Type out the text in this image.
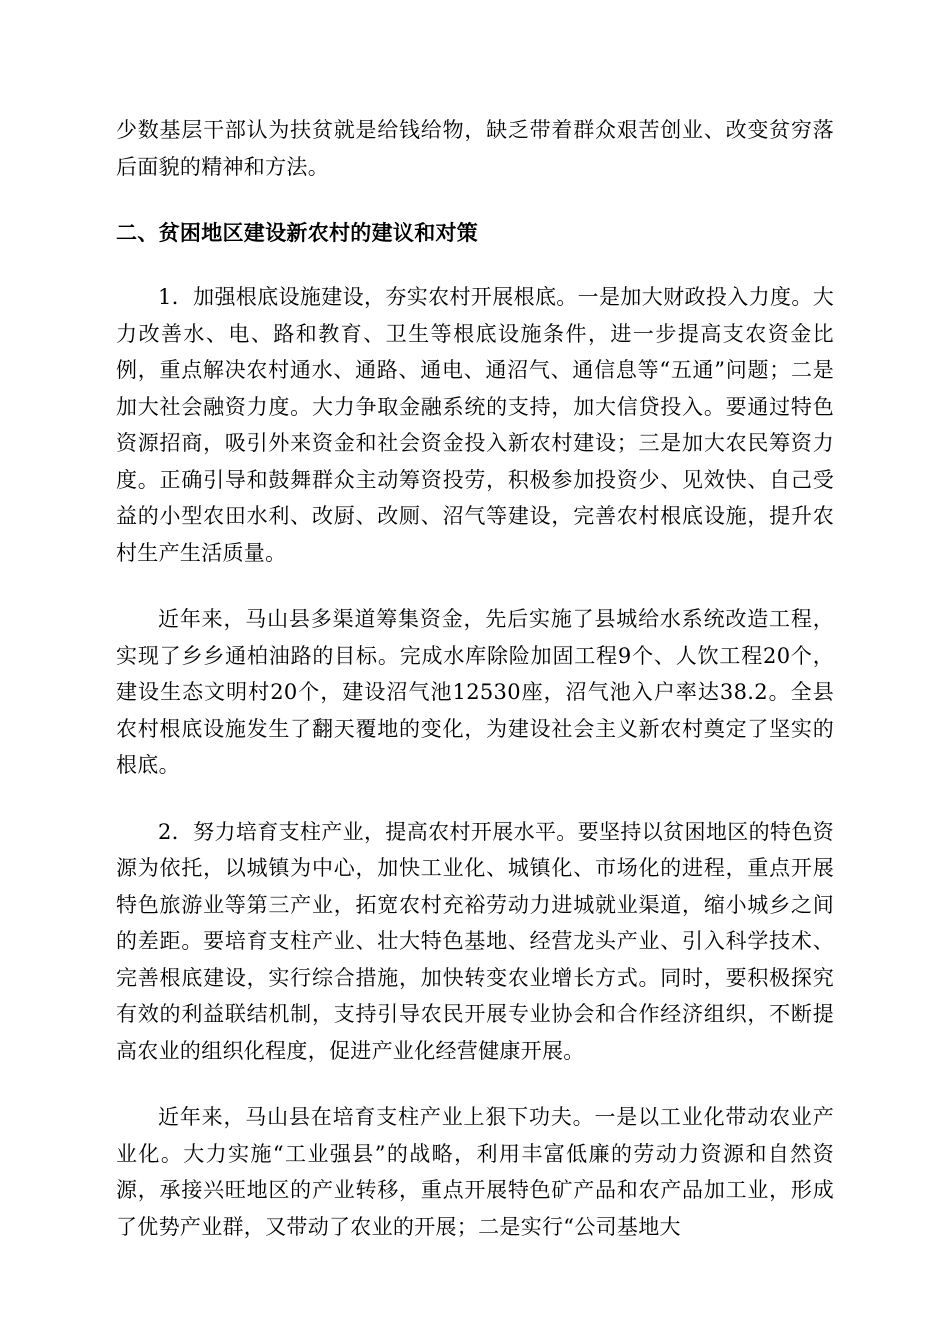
少数基层干部认为扶贫就是给钱给物，缺乏带着群众艰苦创业、改变贫穷落后面貌的精神和方法。

二、贫困地区建设新农村的建议和对策

1．加强根底设施建设，夯实农村开展根底。一是加大财政投入力度。大力改善水、电、路和教育、卫生等根底设施条件，进一步提高支农资金比例，重点解决农村通水、通路、通电、通沼气、通信息等“五通”问题；二是加大社会融资力度。大力争取金融系统的支持，加大信贷投入。要通过特色资源招商，吸引外来资金和社会资金投入新农村建设；三是加大农民筹资力度。正确引导和鼓舞群众主动筹资投劳，积极参加投资少、见效快、自己受益的小型农田水利、改厨、改厕、沼气等建设，完善农村根底设施，提升农村生产生活质量。

近年来，马山县多渠道筹集资金，先后实施了县城给水系统改造工程，实现了乡乡通柏油路的目标。完成水库除险加固工程9个、人饮工程20个，建设生态文明村20个，建设沼气池12530座，沼气池入户率达38.2。全县农村根底设施发生了翻天覆地的变化，为建设社会主义新农村奠定了坚实的根底。

2．努力培育支柱产业，提高农村开展水平。要坚持以贫困地区的特色资源为依托，以城镇为中心，加快工业化、城镇化、市场化的进程，重点开展特色旅游业等第三产业，拓宽农村充裕劳动力进城就业渠道，缩小城乡之间的差距。要培育支柱产业、壮大特色基地、经营龙头产业、引入科学技术、完善根底建设，实行综合措施，加快转变农业增长方式。同时，要积极探究有效的利益联结机制，支持引导农民开展专业协会和合作经济组织，不断提高农业的组织化程度，促进产业化经营健康开展。

近年来，马山县在培育支柱产业上狠下功夫。一是以工业化带动农业产业化。大力实施“工业强县”的战略，利用丰富低廉的劳动力资源和自然资源，承接兴旺地区的产业转移，重点开展特色矿产品和农产品加工业，形成了优势产业群，又带动了农业的开展；二是实行“公司基地大
